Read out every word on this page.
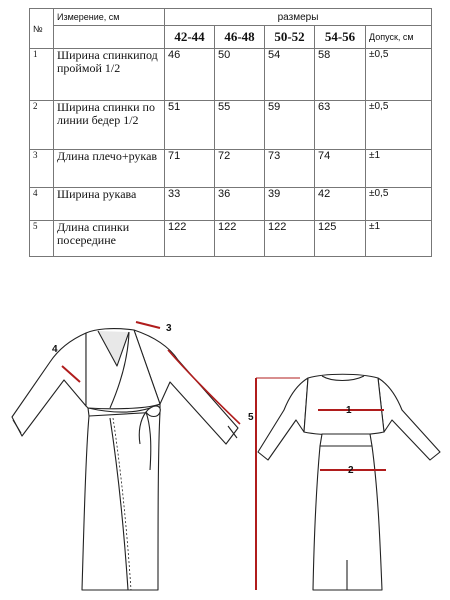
№	Измерение, см	размеры				
		42-44	46-48	50-52	54-56	Допуск, см
1	Ширина спинкипод проймой 1/2	46	50	54	58	±0,5
2	Ширина спинки по линии бедер 1/2	51	55	59	63	±0,5
3	Длина плечо+рукав	71	72	73	74	±1
4	Ширина рукава	33	36	39	42	±0,5
5	Длина спинки посередине	122	122	122	125	±1
4
3
5
1
2
